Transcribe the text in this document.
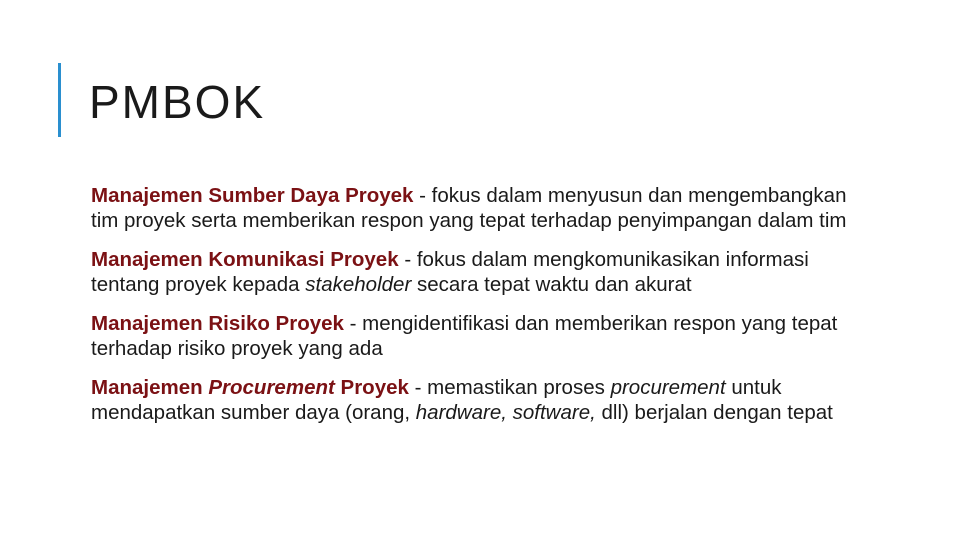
PMBOK
Manajemen Sumber Daya Proyek - fokus dalam menyusun dan mengembangkan tim proyek serta memberikan respon yang tepat terhadap penyimpangan dalam tim
Manajemen Komunikasi Proyek - fokus dalam mengkomunikasikan informasi tentang proyek kepada stakeholder secara tepat waktu dan akurat
Manajemen Risiko Proyek - mengidentifikasi dan memberikan respon yang tepat terhadap risiko proyek yang ada
Manajemen Procurement Proyek - memastikan proses procurement untuk mendapatkan sumber daya (orang, hardware, software, dll) berjalan dengan tepat
